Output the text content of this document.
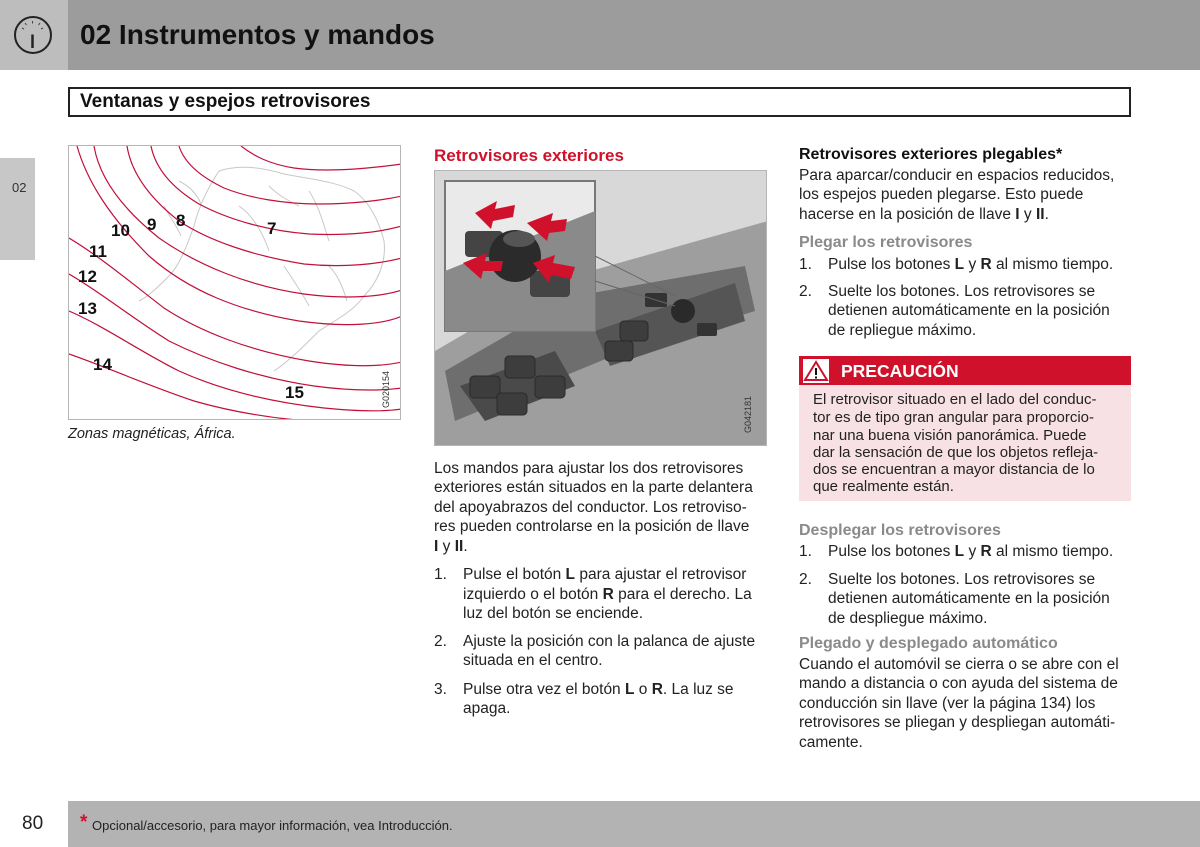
02 Instrumentos y mandos
Ventanas y espejos retrovisores
02
10 9 8	7
11
12
13
14
15	G020154
Zonas magnéticas, África.
Retrovisores exteriores
G042181
Los mandos para ajustar los dos retrovisores
exteriores están situados en la parte delantera
del apoyabrazos del conductor. Los retroviso-
res pueden controlarse en la posición de llave
I y II.
1. Pulse el botón L para ajustar el retrovisor
izquierdo o el botón R para el derecho. La
luz del botón se enciende.
2. Ajuste la posición con la palanca de ajuste
situada en el centro.
3. Pulse otra vez el botón L o R. La luz se
apaga.
Retrovisores exteriores plegables*
Para aparcar/conducir en espacios reducidos,
los espejos pueden plegarse. Esto puede
hacerse en la posición de llave I y II.
Plegar los retrovisores
1. Pulse los botones L y R al mismo tiempo.
2. Suelte los botones. Los retrovisores se
detienen automáticamente en la posición
de repliegue máximo.
PRECAUCIÓN
El retrovisor situado en el lado del conduc-
tor es de tipo gran angular para proporcio-
nar una buena visión panorámica. Puede
dar la sensación de que los objetos refleja-
dos se encuentran a mayor distancia de lo
que realmente están.
Desplegar los retrovisores
1. Pulse los botones L y R al mismo tiempo.
2. Suelte los botones. Los retrovisores se
detienen automáticamente en la posición
de despliegue máximo.
Plegado y desplegado automático
Cuando el automóvil se cierra o se abre con el
mando a distancia o con ayuda del sistema de
conducción sin llave (ver la página 134) los
retrovisores se pliegan y despliegan automáti-
camente.
80 * Opcional/accesorio, para mayor información, vea Introducción.
